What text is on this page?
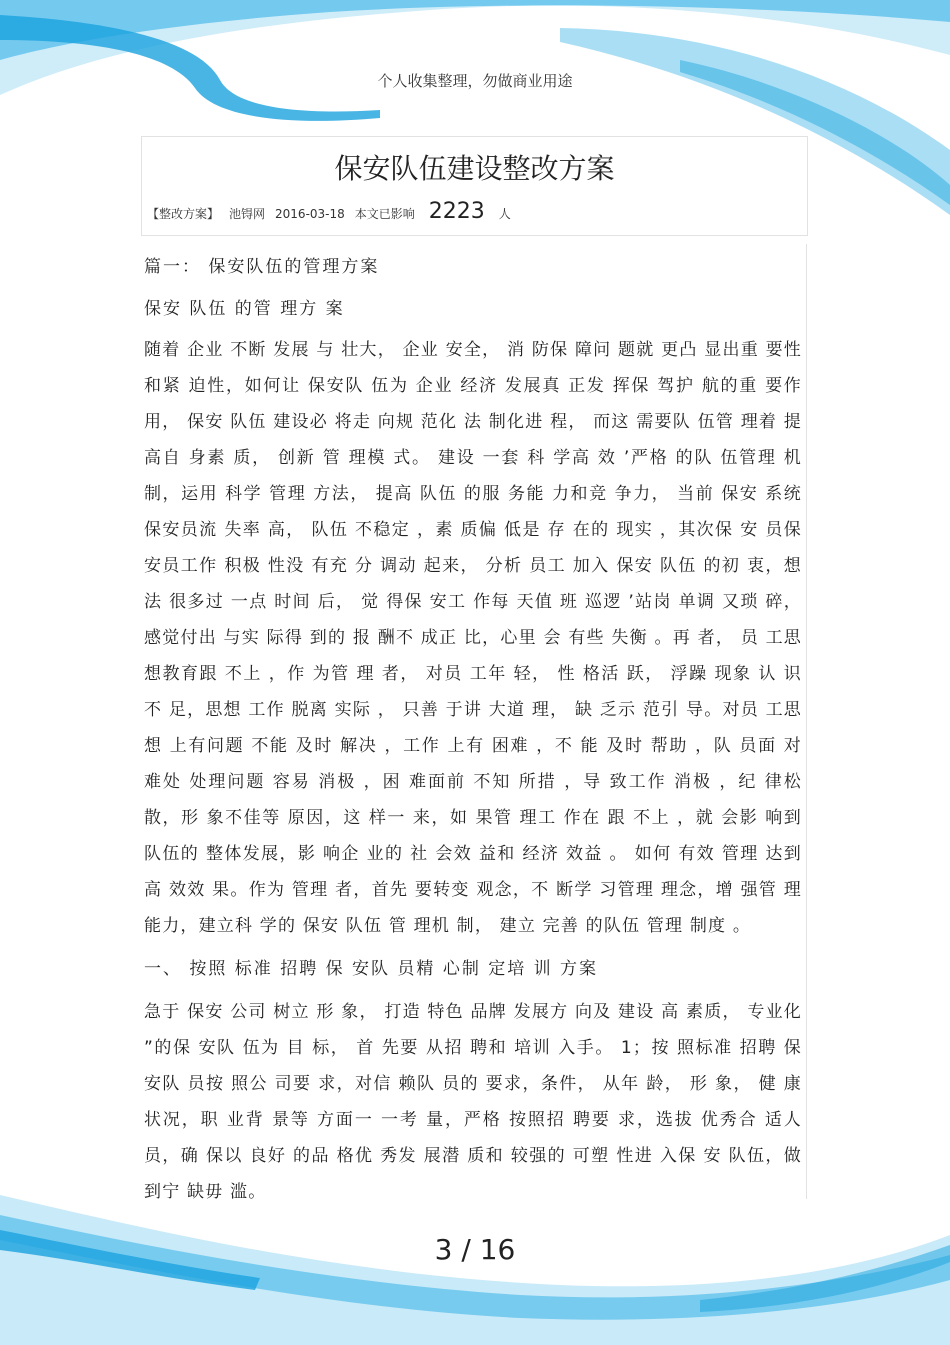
个人收集整理，勿做商业用途
保安队伍建设整改方案
【整改方案】 池锝网 2016-03-18 本文已影响 2223 人
篇一： 保安队伍的管理方案
保安 队伍 的管 理方 案

随着 企业 不断 发展 与 壮大， 企业 安全， 消 防保 障问 题就 更凸 显出重 要性和紧 迫性，如何让 保安队 伍为 企业 经济 发展真 正发 挥保 驾护 航的重 要作用， 保安 队伍 建设必 将走 向规 范化 法 制化进 程， 而这 需要队 伍管 理着 提高自 身素 质， 创新 管 理模 式。 建设 一套 科 学高 效 ’严格 的队 伍管理 机制，运用 科学 管理 方法， 提高 队伍 的服 务能 力和竞 争力， 当前 保安 系统 保安员流 失率 高， 队伍 不稳定 ，素 质偏 低是 存 在的 现实 ，其次保 安 员保 安员工作 积极 性没 有充 分 调动 起来， 分析 员工 加入 保安 队伍 的初 衷，想法 很多过 一点 时间 后， 觉 得保 安工 作每 天值 班 巡逻 ’站岗 单调 又琐 碎， 感觉付出 与实 际得 到的 报 酬不 成正 比，心里 会 有些 失衡 。再 者， 员 工思 想教育跟 不上 ，作 为管 理 者， 对员 工年 轻， 性 格活 跃， 浮躁 现象 认 识不 足，思想 工作 脱离 实际 ， 只善 于讲 大道 理， 缺 乏示 范引 导。对员 工思想 上有问题 不能 及时 解决 ，工作 上有 困难 ，不 能 及时 帮助 ，队 员面 对 难处 处理问题 容易 消极 ，困 难面前 不知 所措 ，导 致工作 消极 ，纪 律松 散，形 象不佳等 原因，这 样一 来，如 果管 理工 作在 跟 不上 ，就 会影 响到 队伍的 整体发展，影 响企 业的 社 会效 益和 经济 效益 。 如何 有效 管理 达到 高 效效 果。作为 管理 者，首先 要转变 观念，不 断学 习管理 理念，增 强管 理能力，建立科 学的 保安 队伍 管 理机 制， 建立 完善 的队伍 管理 制度 。

一、 按照 标准 招聘 保 安队 员精 心制 定培 训 方案

急于 保安 公司 树立 形 象， 打造 特色 品牌 发展方 向及 建设 高 素质， 专业化 ”的保 安队 伍为 目 标， 首 先要 从招 聘和 培训 入手。 1；按 照标准 招聘 保安队 员按 照公 司要 求，对信 赖队 员的 要求，条件， 从年 龄， 形 象， 健 康状况，职 业背 景等 方面一 一考 量，严格 按照招 聘要 求，选拔 优秀合 适人员，确 保以 良好 的品 格优 秀发 展潜 质和 较强的 可塑 性进 入保 安 队伍，做到宁 缺毋 滥。

3 / 16
